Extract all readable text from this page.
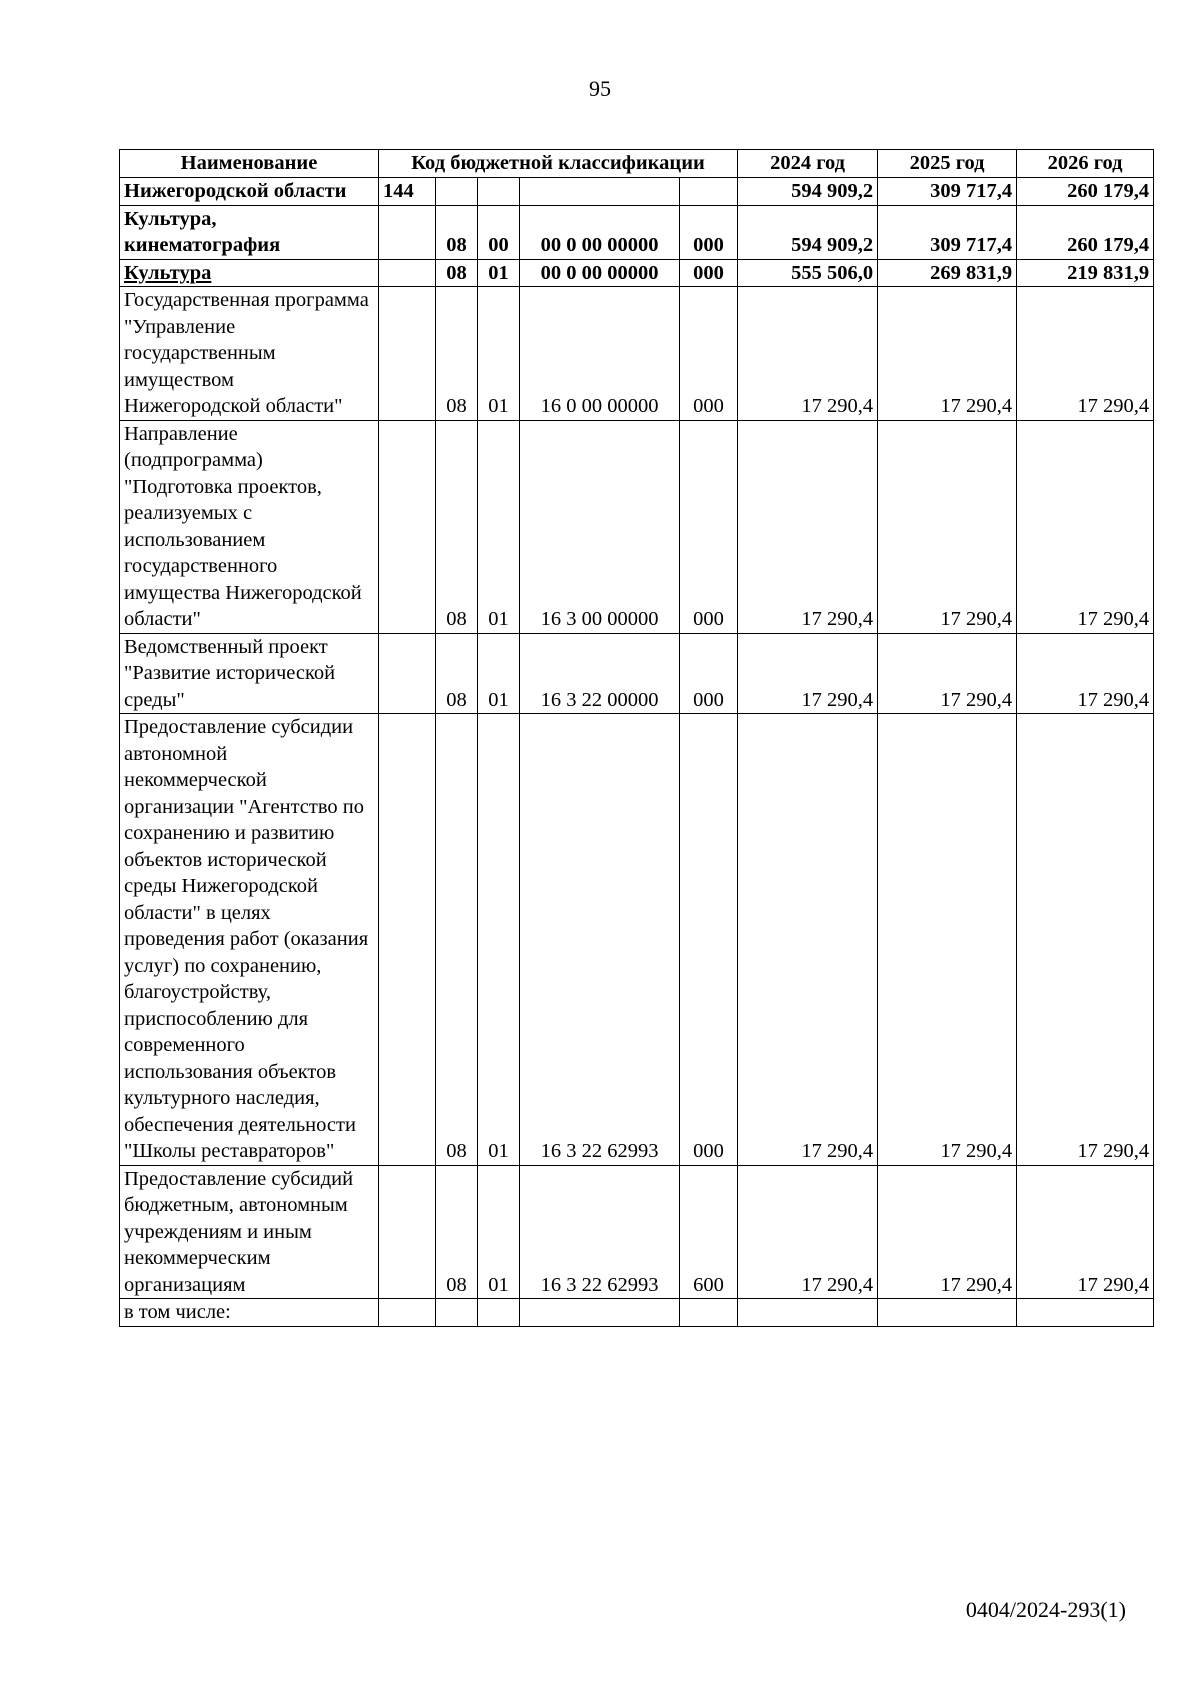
95
Наименование	Код бюджетной классификации					2024 год	2025 год	2026 год
Нижегородской области	144					594 909,2	309 717,4	260 179,4
Культура, кинематография		08	00	00 0 00 00000	000	594 909,2	309 717,4	260 179,4
Культура		08	01	00 0 00 00000	000	555 506,0	269 831,9	219 831,9
Государственная программа "Управление государственным имуществом Нижегородской области"		08	01	16 0 00 00000	000	17 290,4	17 290,4	17 290,4
Направление (подпрограмма) "Подготовка проектов, реализуемых с использованием государственного имущества Нижегородской области"		08	01	16 3 00 00000	000	17 290,4	17 290,4	17 290,4
Ведомственный проект "Развитие исторической среды"		08	01	16 3 22 00000	000	17 290,4	17 290,4	17 290,4
Предоставление субсидии автономной некоммерческой организации "Агентство по сохранению и развитию объектов исторической среды Нижегородской области" в целях проведения работ (оказания услуг) по сохранению, благоустройству, приспособлению для современного использования объектов культурного наследия, обеспечения деятельности "Школы реставраторов"		08	01	16 3 22 62993	000	17 290,4	17 290,4	17 290,4
Предоставление субсидий бюджетным, автономным учреждениям и иным некоммерческим организациям		08	01	16 3 22 62993	600	17 290,4	17 290,4	17 290,4
в том числе:								
0404/2024-293(1)
